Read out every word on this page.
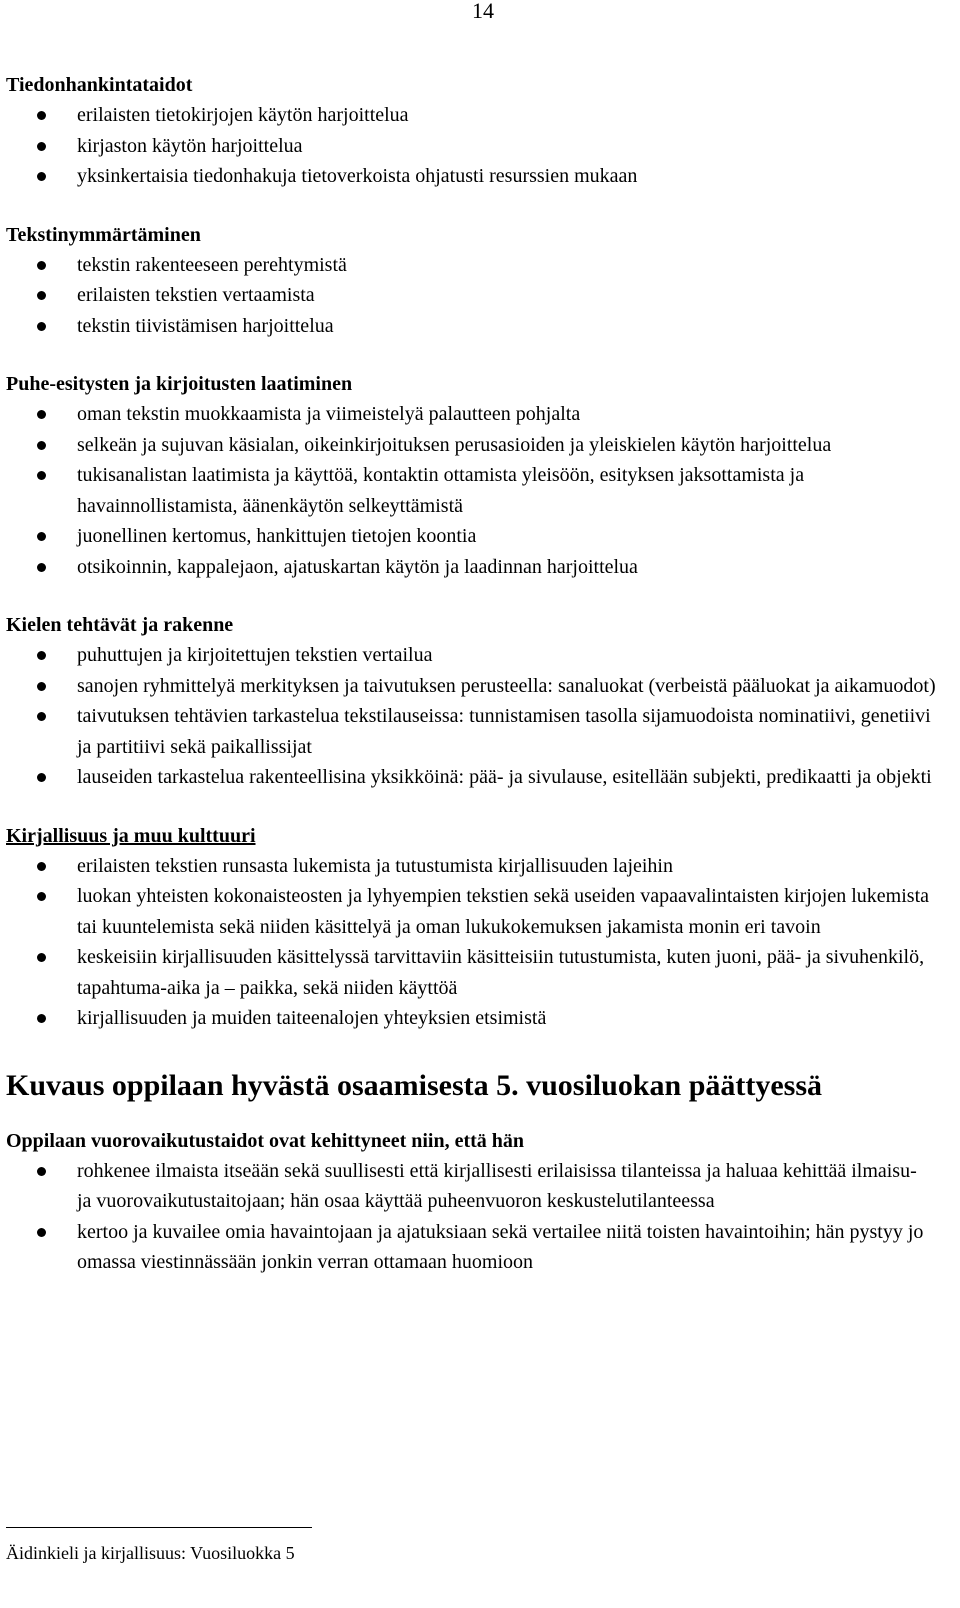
14
Tiedonhankintataidot
erilaisten tietokirjojen käytön harjoittelua
kirjaston käytön harjoittelua
yksinkertaisia tiedonhakuja tietoverkoista ohjatusti resurssien mukaan
Tekstinymmärtäminen
tekstin rakenteeseen perehtymistä
erilaisten tekstien vertaamista
tekstin tiivistämisen harjoittelua
Puhe-esitysten ja kirjoitusten laatiminen
oman tekstin muokkaamista ja viimeistelyä palautteen pohjalta
selkeän ja sujuvan käsialan, oikeinkirjoituksen perusasioiden ja yleiskielen käytön harjoittelua
tukisanalistan laatimista ja käyttöä, kontaktin ottamista yleisöön, esityksen jaksottamista ja havainnollistamista, äänenkäytön selkeyttämistä
juonellinen kertomus, hankittujen tietojen koontia
otsikoinnin, kappalejaon, ajatuskartan käytön ja laadinnan harjoittelua
Kielen tehtävät ja rakenne
puhuttujen ja kirjoitettujen tekstien vertailua
sanojen ryhmittelyä merkityksen ja taivutuksen perusteella: sanaluokat (verbeistä pääluokat ja aikamuodot)
taivutuksen tehtävien tarkastelua tekstilauseissa: tunnistamisen tasolla sijamuodoista nominatiivi, genetiivi ja partitiivi sekä paikallissijat
lauseiden tarkastelua rakenteellisina yksikköinä: pää- ja sivulause, esitellään subjekti, predikaatti ja objekti
Kirjallisuus ja muu kulttuuri
erilaisten tekstien runsasta lukemista ja tutustumista kirjallisuuden lajeihin
luokan yhteisten kokonaisteosten ja lyhyempien tekstien sekä useiden vapaavalintaisten kirjojen lukemista tai kuuntelemista sekä niiden käsittelyä ja oman lukukokemuksen jakamista monin eri tavoin
keskeisiin kirjallisuuden käsittelyssä tarvittaviin käsitteisiin tutustumista, kuten juoni, pää- ja sivuhenkilö, tapahtuma-aika ja – paikka, sekä niiden käyttöä
kirjallisuuden ja muiden taiteenalojen yhteyksien etsimistä
Kuvaus oppilaan hyvästä osaamisesta 5. vuosiluokan päättyessä
Oppilaan vuorovaikutustaidot ovat kehittyneet niin, että hän
rohkenee ilmaista itseään sekä suullisesti että kirjallisesti erilaisissa tilanteissa ja haluaa kehittää ilmaisu- ja vuorovaikutustaitojaan; hän osaa käyttää puheenvuoron keskustelutilanteessa
kertoo ja kuvailee omia havaintojaan ja ajatuksiaan sekä vertailee niitä toisten havaintoihin; hän pystyy jo omassa viestinnässään jonkin verran ottamaan huomioon
Äidinkieli ja kirjallisuus: Vuosiluokka 5
